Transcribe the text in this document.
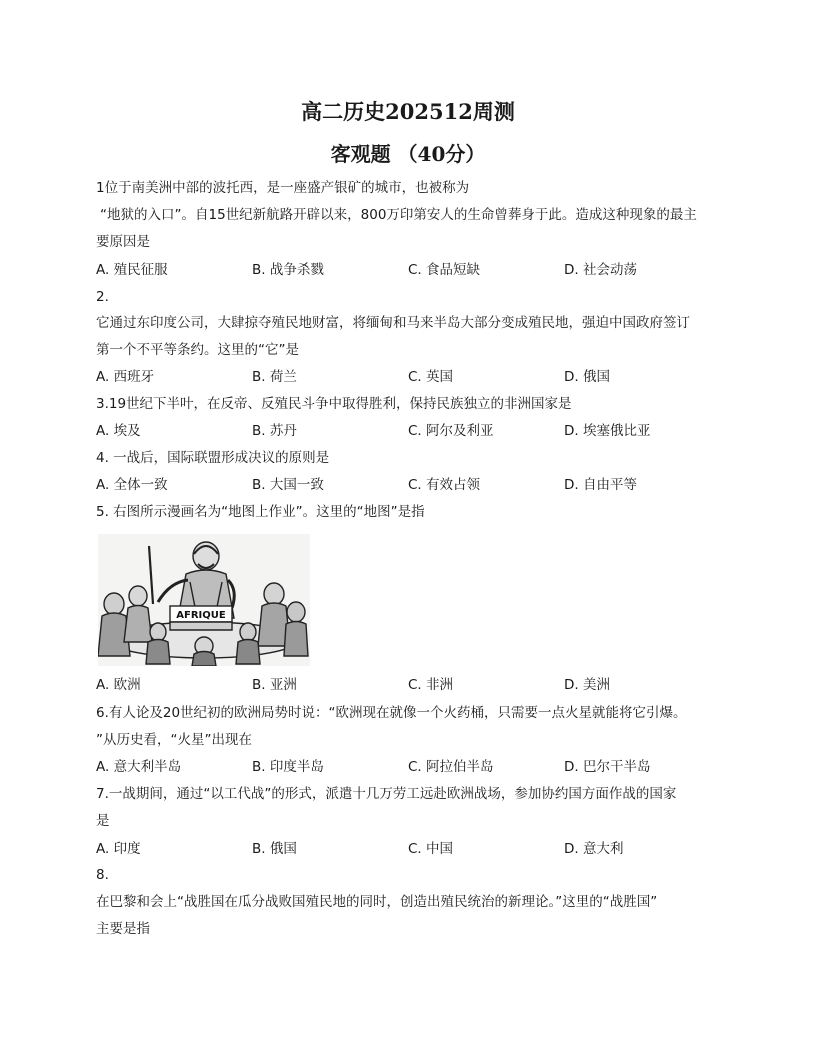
高二历史202512周测
客观题 （40分）
1位于南美洲中部的波托西，是一座盛产银矿的城市，也被称为
“地狱的入口”。自15世纪新航路开辟以来，800万印第安人的生命曾葬身于此。造成这种现象的最主
要原因是
A. 殖民征服	B. 战争杀戮	C. 食品短缺	D. 社会动荡
2.
它通过东印度公司，大肆掠夺殖民地财富，将缅甸和马来半岛大部分变成殖民地，强迫中国政府签订
第一个不平等条约。这里的“它”是
A. 西班牙	B. 荷兰	C. 英国	D. 俄国
3.19世纪下半叶，在反帝、反殖民斗争中取得胜利，保持民族独立的非洲国家是
A. 埃及	B. 苏丹	C. 阿尔及利亚	D. 埃塞俄比亚
4. 一战后，国际联盟形成决议的原则是
A. 全体一致	B. 大国一致	C. 有效占领	D. 自由平等
5. 右图所示漫画名为“地图上作业”。这里的“地图”是指
AFRIQUE
A. 欧洲	B. 亚洲	C. 非洲	D. 美洲
6.有人论及20世纪初的欧洲局势时说：“欧洲现在就像一个火药桶，只需要一点火星就能将它引爆。
”从历史看，“火星”出现在
A. 意大利半岛	B. 印度半岛	C. 阿拉伯半岛	D. 巴尔干半岛
7.一战期间，通过“以工代战”的形式，派遣十几万劳工远赴欧洲战场，参加协约国方面作战的国家
是
A. 印度	B. 俄国	C. 中国	D. 意大利
8.
在巴黎和会上“战胜国在瓜分战败国殖民地的同时，创造出殖民统治的新理论。”这里的“战胜国”
主要是指
